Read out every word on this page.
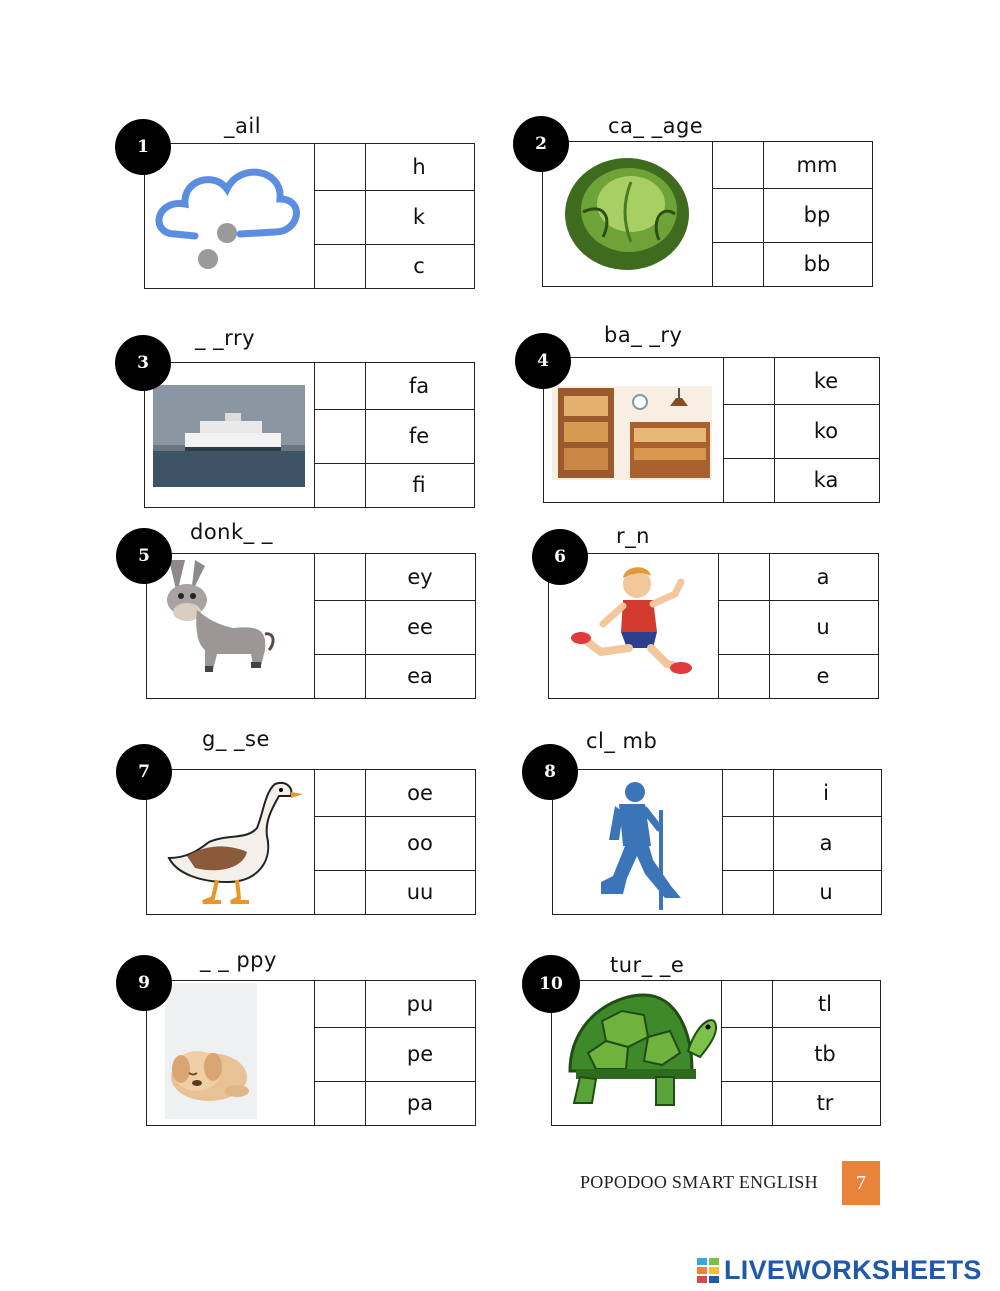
1
_ail
h
k
c
2
ca_ _age
mm
bp
bb
3
_ _rry
fa
fe
fi
4
ba_ _ry
ke
ko
ka
5
donk_ _
ey
ee
ea
6
r_n
a
u
e
7
g_ _se
oe
oo
uu
8
cl_ mb
i
a
u
9
_ _ ppy
pu
pe
pa
10
tur_ _e
tl
tb
tr
POPODOO SMART ENGLISH	7
LIVEWORKSHEETS
